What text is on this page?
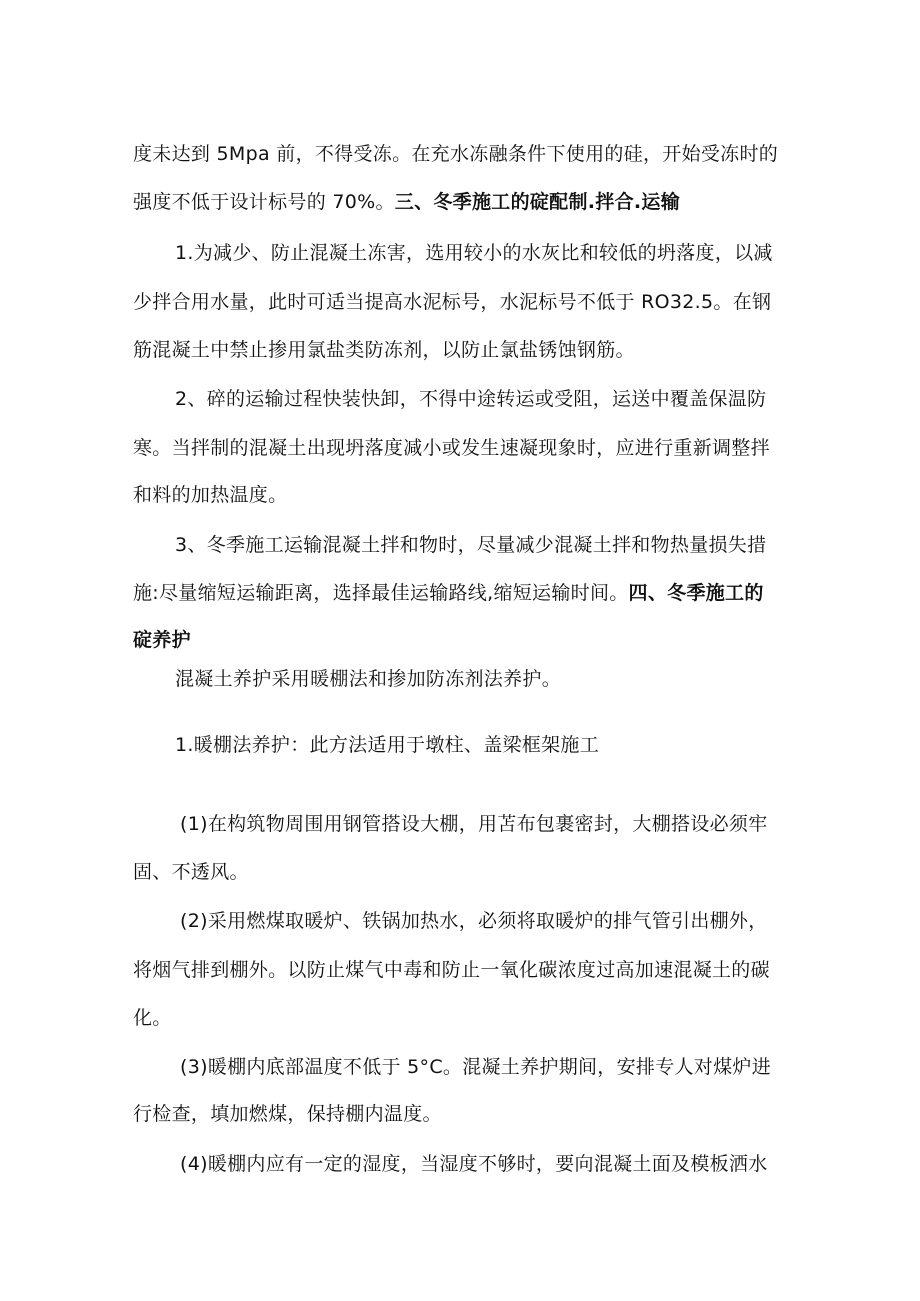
度未达到 5Mpa 前，不得受冻。在充水冻融条件下使用的硅，开始受冻时的
强度不低于设计标号的 70%。三、冬季施工的碇配制.拌合.运输
1.为减少、防止混凝土冻害，选用较小的水灰比和较低的坍落度，以减
少拌合用水量，此时可适当提高水泥标号，水泥标号不低于 RO32.5。在钢
筋混凝土中禁止掺用氯盐类防冻剂，以防止氯盐锈蚀钢筋。
2、碎的运输过程快装快卸，不得中途转运或受阻，运送中覆盖保温防
寒。当拌制的混凝土出现坍落度减小或发生速凝现象时，应进行重新调整拌
和料的加热温度。
3、冬季施工运输混凝土拌和物时，尽量减少混凝土拌和物热量损失措
施:尽量缩短运输距离，选择最佳运输路线,缩短运输时间。四、冬季施工的
碇养护
混凝土养护采用暖棚法和掺加防冻剂法养护。
1.暖棚法养护：此方法适用于墩柱、盖梁框架施工
(1)在构筑物周围用钢管搭设大棚，用苫布包裹密封，大棚搭设必须牢
固、不透风。
(2)采用燃煤取暖炉、铁锅加热水，必须将取暖炉的排气管引出棚外，
将烟气排到棚外。以防止煤气中毒和防止一氧化碳浓度过高加速混凝土的碳
化。
(3)暖棚内底部温度不低于 5°C。混凝土养护期间，安排专人对煤炉进
行检查，填加燃煤，保持棚内温度。
(4)暖棚内应有一定的湿度，当湿度不够时，要向混凝土面及模板洒水
